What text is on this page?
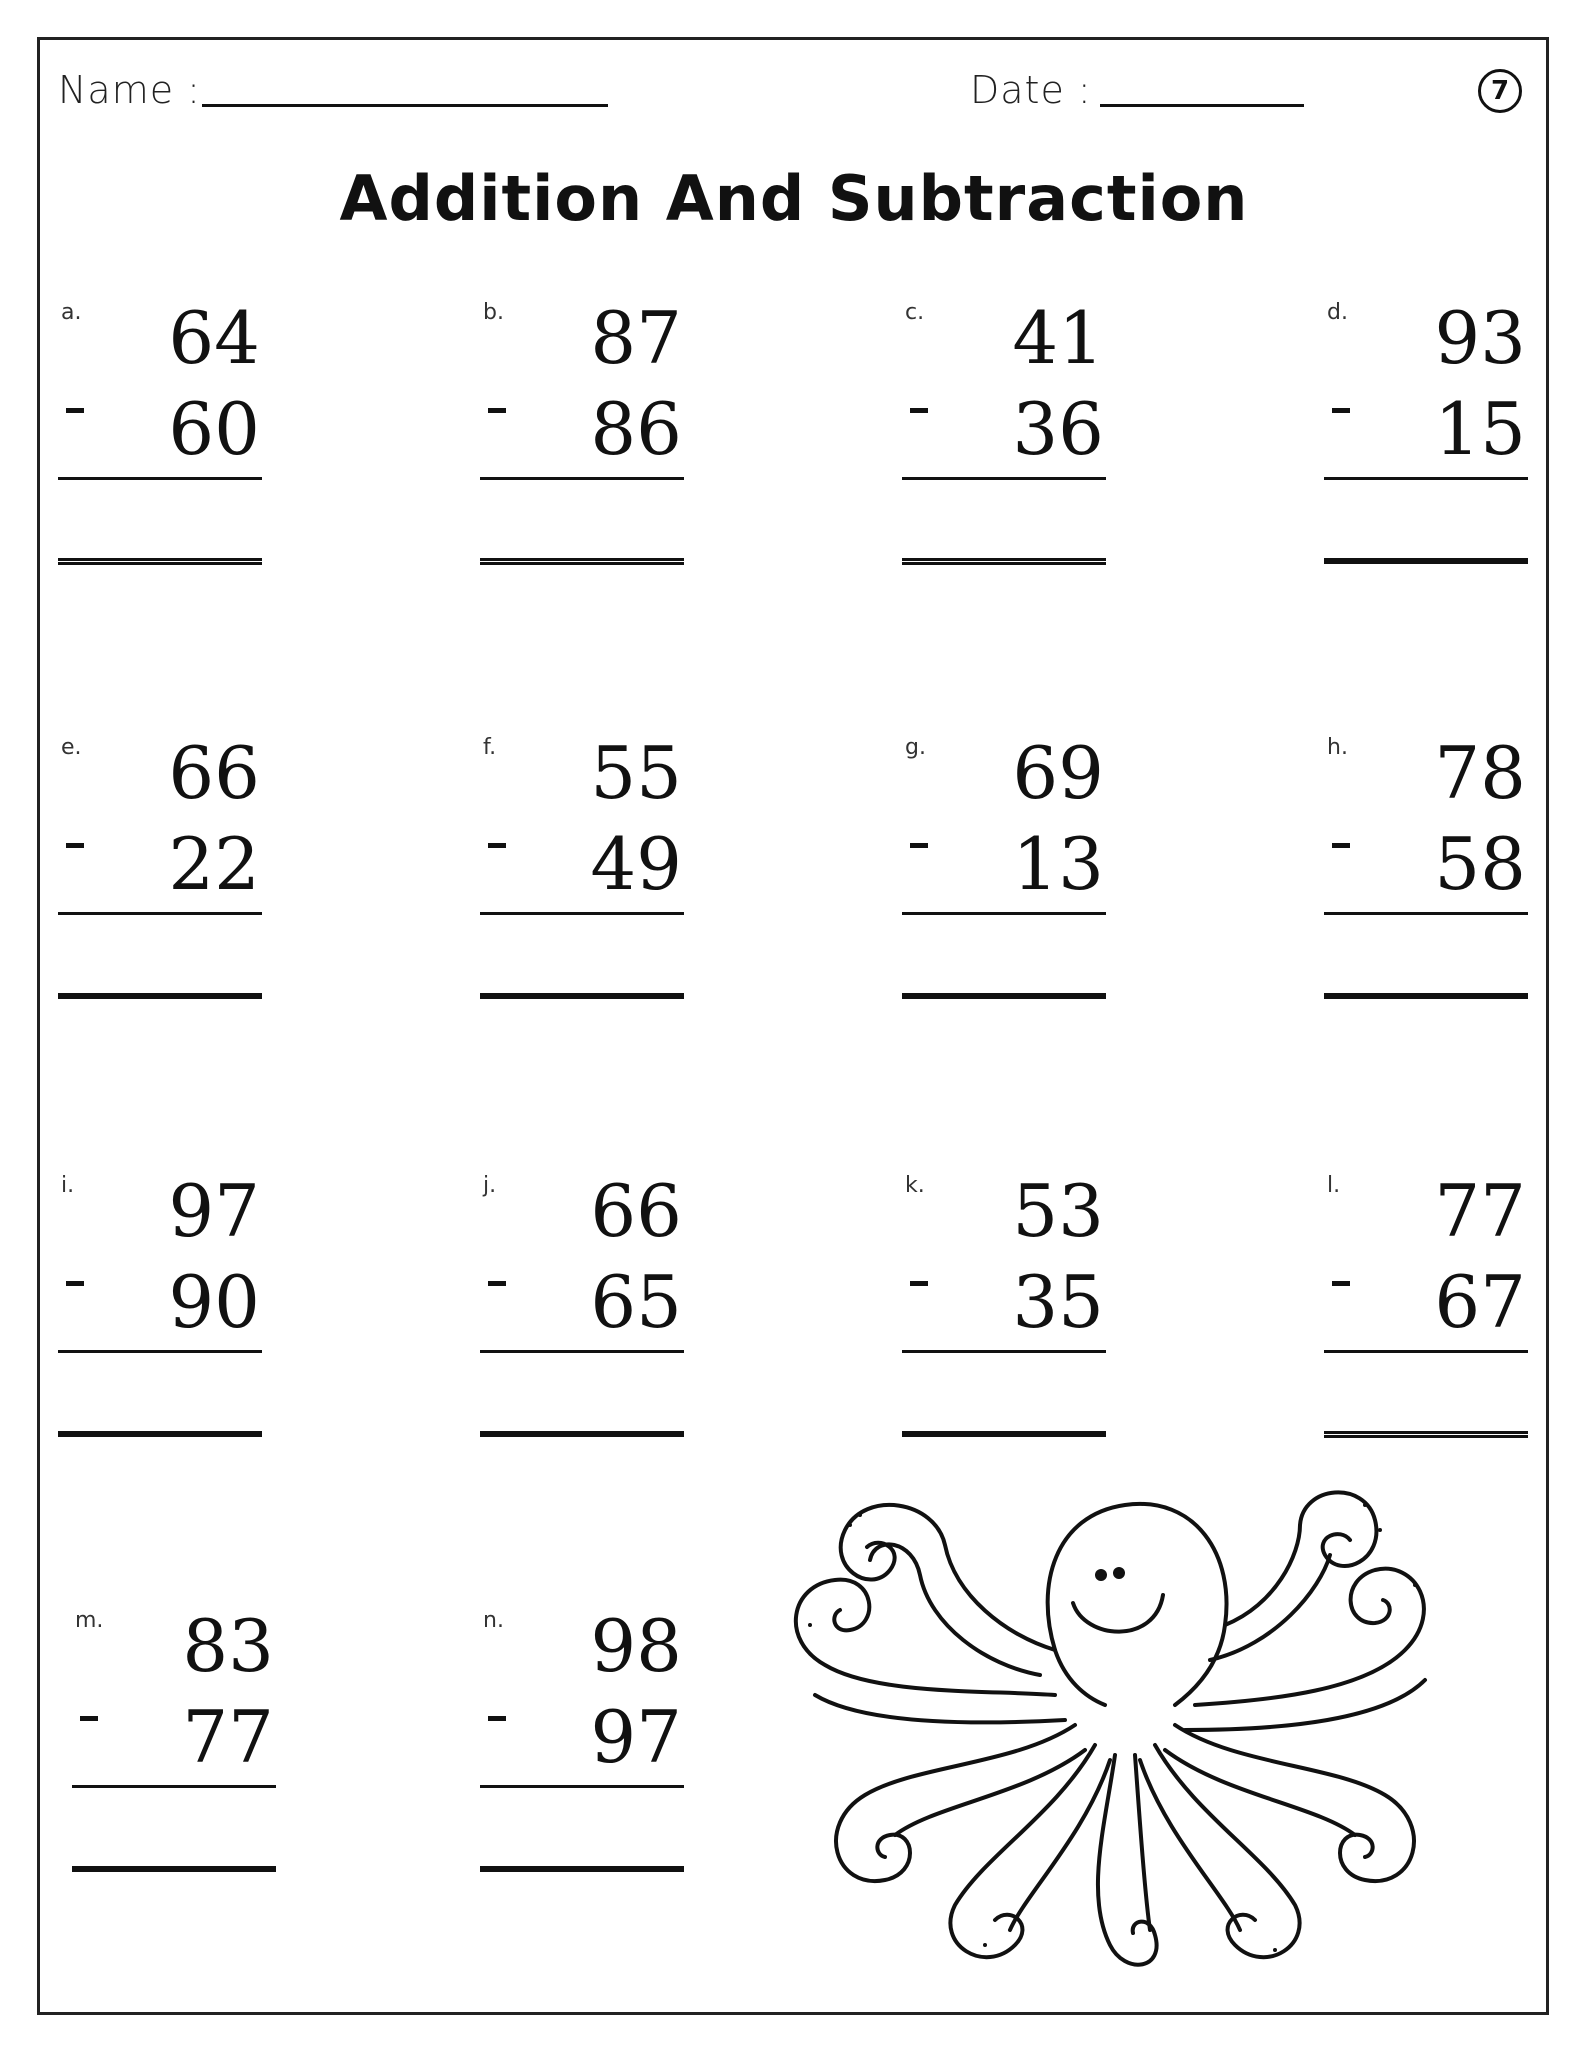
Name :	Date :	7
Addition And Subtraction
a. 64
60
b. 87
86
c. 41
36
d. 93
15
e. 66
22
f. 55
49
g. 69
13
h. 78
58
i. 97
90
j. 66
65
k. 53
35
l. 77
67
m. 83
77
n. 98
97
